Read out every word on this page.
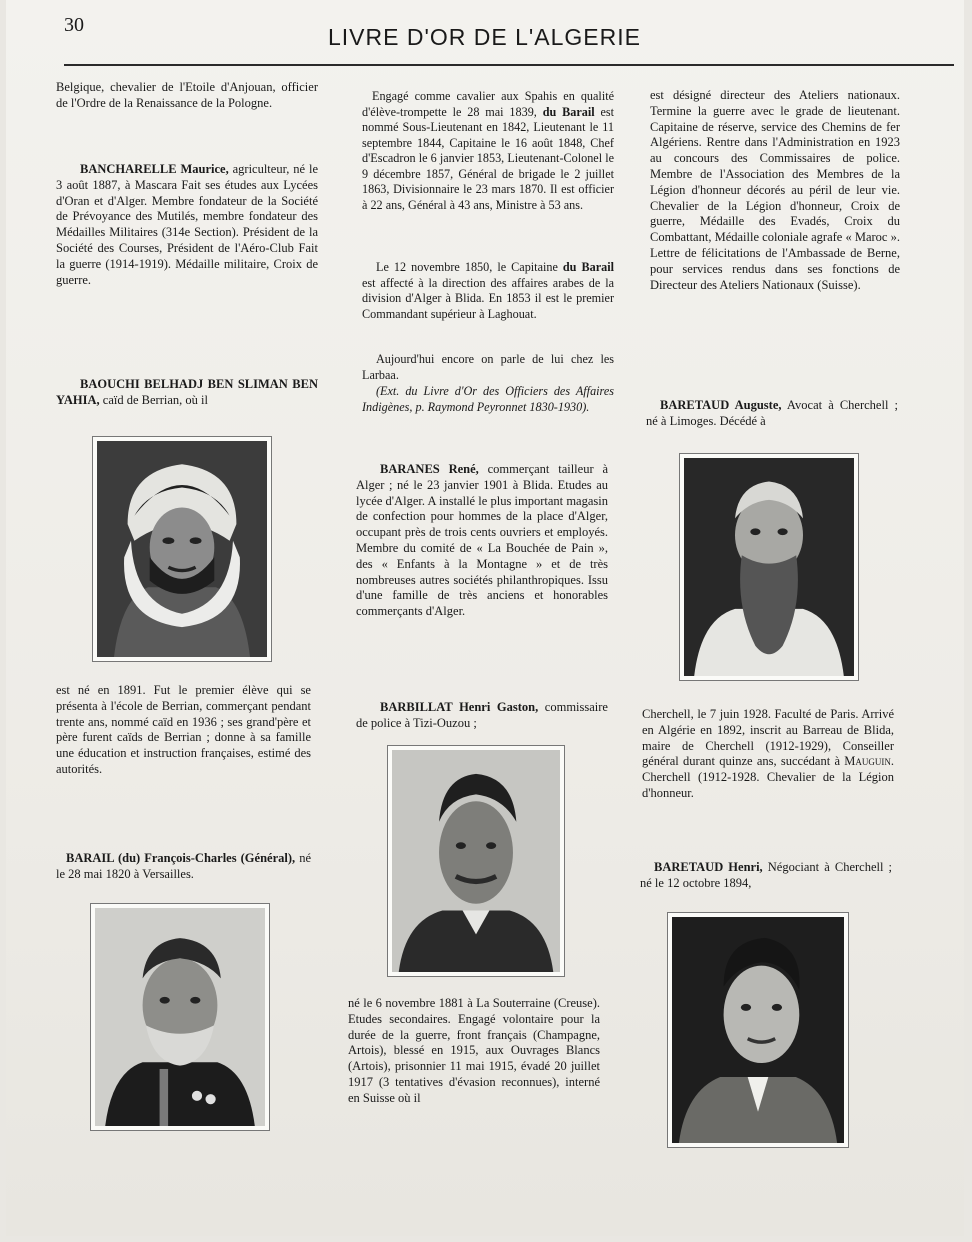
30	LIVRE D'OR DE L'ALGERIE

Belgique, chevalier de l'Etoile d'Anjouan, officier de l'Ordre de la Renaissance de la Pologne.

BANCHARELLE Maurice, agriculteur, né le 3 août 1887, à Mascara Fait ses études aux Lycées d'Oran et d'Alger. Membre fondateur de la Société de Prévoyance des Mutilés, membre fondateur des Médailles Militaires (314e Section). Président de la Société des Courses, Président de l'Aéro-Club Fait la guerre (1914-1919). Médaille militaire, Croix de guerre.

BAOUCHI BELHADJ BEN SLIMAN BEN YAHIA, caïd de Berrian, où il

est né en 1891. Fut le premier élève qui se présenta à l'école de Berrian, commerçant pendant trente ans, nommé caïd en 1936 ; ses grand'père et père furent caïds de Berrian ; donne à sa famille une éducation et instruction françaises, estimé des autorités.

BARAIL (du) François-Charles (Général), né le 28 mai 1820 à Versailles.

Engagé comme cavalier aux Spahis en qualité d'élève-trompette le 28 mai 1839, du Barail est nommé Sous-Lieutenant en 1842, Lieutenant le 11 septembre 1844, Capitaine le 16 août 1848, Chef d'Escadron le 6 janvier 1853, Lieutenant-Colonel le 9 décembre 1857, Général de brigade le 2 juillet 1863, Divisionnaire le 23 mars 1870. Il est officier à 22 ans, Général à 43 ans, Ministre à 53 ans.

Le 12 novembre 1850, le Capitaine du Barail est affecté à la direction des affaires arabes de la division d'Alger à Blida. En 1853 il est le premier Commandant supérieur à Laghouat.

Aujourd'hui encore on parle de lui chez les Larbaa.

(Ext. du Livre d'Or des Officiers des Affaires Indigènes, p. Raymond Peyronnet 1830-1930).

BARANES René, commerçant tailleur à Alger ; né le 23 janvier 1901 à Blida. Etudes au lycée d'Alger. A installé le plus important magasin de confection pour hommes de la place d'Alger, occupant près de trois cents ouvriers et employés. Membre du comité de « La Bouchée de Pain », des « Enfants à la Montagne » et de très nombreuses autres sociétés philanthropiques. Issu d'une famille de très anciens et honorables commerçants d'Alger.

BARBILLAT Henri Gaston, commissaire de police à Tizi-Ouzou ;

né le 6 novembre 1881 à La Souterraine (Creuse). Etudes secondaires. Engagé volontaire pour la durée de la guerre, front français (Champagne, Artois), blessé en 1915, aux Ouvrages Blancs (Artois), prisonnier 11 mai 1915, évadé 20 juillet 1917 (3 tentatives d'évasion reconnues), interné en Suisse où il

est désigné directeur des Ateliers nationaux. Termine la guerre avec le grade de lieutenant. Capitaine de réserve, service des Chemins de fer Algériens. Rentre dans l'Administration en 1923 au concours des Commissaires de police. Membre de l'Association des Membres de la Légion d'honneur décorés au péril de leur vie. Chevalier de la Légion d'honneur, Croix de guerre, Médaille des Evadés, Croix du Combattant, Médaille coloniale agrafe « Maroc ». Lettre de félicitations de l'Ambassade de Berne, pour services rendus dans ses fonctions de Directeur des Ateliers Nationaux (Suisse).

BARETAUD Auguste, Avocat à Cherchell ; né à Limoges. Décédé à

Cherchell, le 7 juin 1928. Faculté de Paris. Arrivé en Algérie en 1892, inscrit au Barreau de Blida, maire de Cherchell (1912-1929), Conseiller général durant quinze ans, succédant à Mauguin. Cherchell (1912-1928. Chevalier de la Légion d'honneur.

BARETAUD Henri, Négociant à Cherchell ; né le 12 octobre 1894,
